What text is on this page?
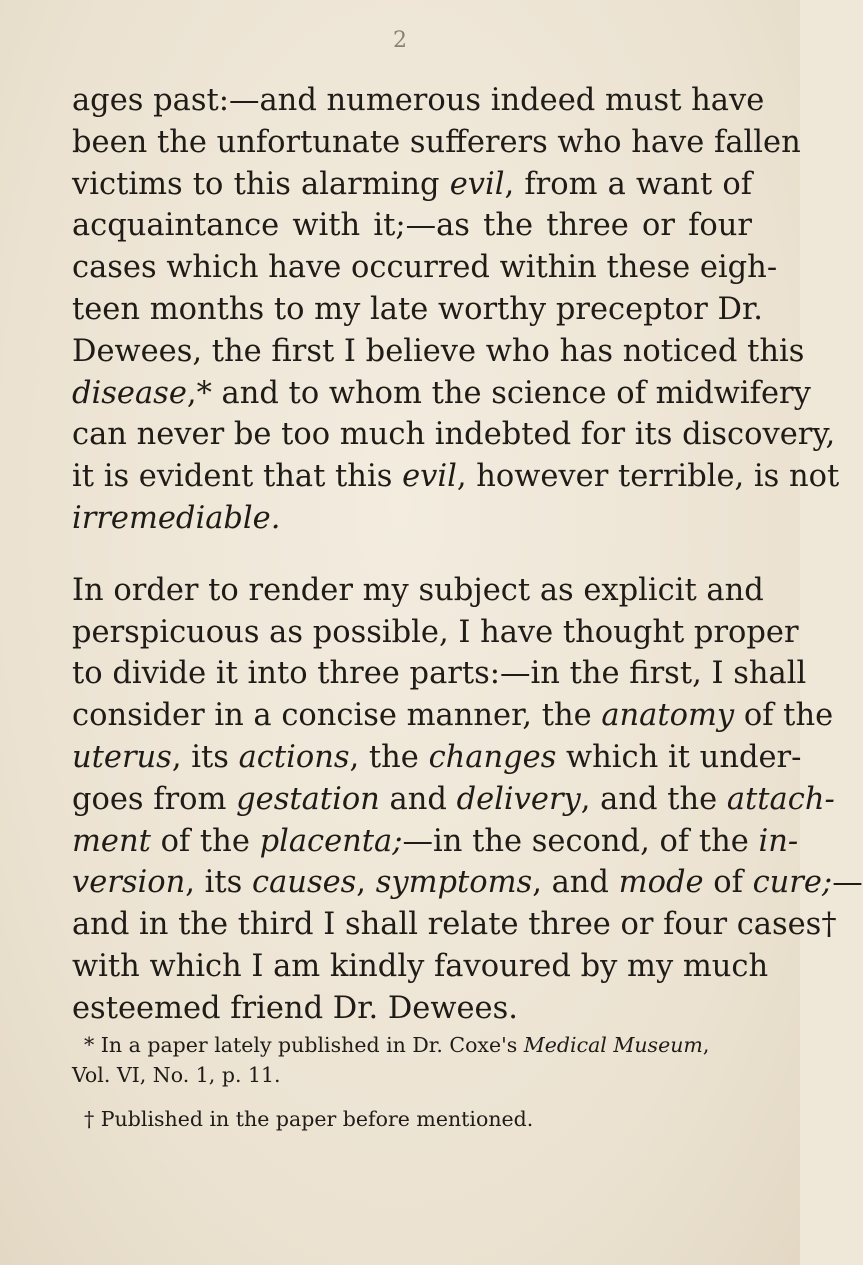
2

ages past:—and numerous indeed must have
been the unfortunate sufferers who have fallen
victims to this alarming evil, from a want of
acquaintance with it;—as the three or four
cases which have occurred within these eigh-
teen months to my late worthy preceptor Dr.
Dewees, the first I believe who has noticed this
disease,* and to whom the science of midwifery
can never be too much indebted for its discovery,
it is evident that this evil, however terrible, is not
irremediable.

In order to render my subject as explicit and
perspicuous as possible, I have thought proper
to divide it into three parts:—in the first, I shall
consider in a concise manner, the anatomy of the
uterus, its actions, the changes which it under-
goes from gestation and delivery, and the attach-
ment of the placenta;—in the second, of the in-
version, its causes, symptoms, and mode of cure;—
and in the third I shall relate three or four cases†
with which I am kindly favoured by my much
esteemed friend Dr. Dewees.

* In a paper lately published in Dr. Coxe's Medical Museum,
Vol. VI, No. 1, p. 11.

† Published in the paper before mentioned.
